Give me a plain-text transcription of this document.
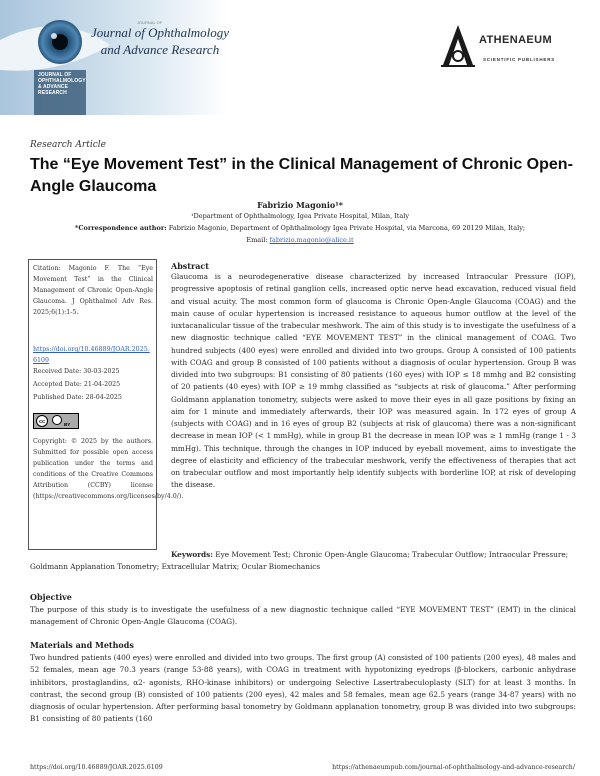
JOURNAL OF OPHTHALMOLOGY & ADVANCE RESEARCH
JOURNAL OF
Journal of Ophthalmology and Advance Research
ATHENAEUM
SCIENTIFIC PUBLISHERS
Research Article
The “Eye Movement Test” in the Clinical Management of Chronic Open-Angle Glaucoma
Fabrizio Magonio¹*
¹Department of Ophthalmology, Igea Private Hospital, Milan, Italy
*Correspondence author: Fabrizio Magonio, Department of Ophthalmology Igea Private Hospital, via Marcona, 69 20129 Milan, Italy;
Email: fabrizio.magonio@alice.it
Citation: Magonio F. The “Eye Movement Test” in the Clinical Management of Chronic Open-Angle Glaucoma. J Ophthalmol Adv Res. 2025;6(1):1-5.
https://doi.org/10.46889/JOAR.2025.6109
Received Date: 30-03-2025
Accepted Date: 21-04-2025
Published Date: 28-04-2025
cc	BY
Copyright: © 2025 by the authors. Submitted for possible open access publication under the terms and conditions of the Creative Commons Attribution (CCBY) license (https://creativecommons.org/licenses/by/4.0/).
Abstract
Glaucoma is a neurodegenerative disease characterized by increased Intraocular Pressure (IOP), progressive apoptosis of retinal ganglion cells, increased optic nerve head excavation, reduced visual field and visual acuity. The most common form of glaucoma is Chronic Open-Angle Glaucoma (COAG) and the main cause of ocular hypertension is increased resistance to aqueous humor outflow at the level of the iuxtacanalicular tissue of the trabecular meshwork. The aim of this study is to investigate the usefulness of a new diagnostic technique called “EYE MOVEMENT TEST” in the clinical management of COAG. Two hundred subjects (400 eyes) were enrolled and divided into two groups. Group A consisted of 100 patients with COAG and group B consisted of 100 patients without a diagnosis of ocular hypertension. Group B was divided into two subgroups: B1 consisting of 80 patients (160 eyes) with IOP ≤ 18 mmhg and B2 consisting of 20 patients (40 eyes) with IOP ≥ 19 mmhg classified as “subjects at risk of glaucoma.” After performing Goldmann applanation tonometry, subjects were asked to move their eyes in all gaze positions by fixing an aim for 1 minute and immediately afterwards, their IOP was measured again. In 172 eyes of group A (subjects with COAG) and in 16 eyes of group B2 (subjects at risk of glaucoma) there was a non-significant decrease in mean IOP (< 1 mmHg), while in group B1 the decrease in mean IOP was ≥ 1 mmHg (range 1 - 3 mmHg). This technique, through the changes in IOP induced by eyeball movement, aims to investigate the degree of elasticity and efficiency of the trabecular meshwork, verify the effectiveness of therapies that act on trabecular outflow and most importantly help identify subjects with borderline IOP, at risk of developing the disease.
Keywords: Eye Movement Test; Chronic Open-Angle Glaucoma; Trabecular Outflow; Intraocular Pressure; Goldmann Applanation Tonometry; Extracellular Matrix; Ocular Biomechanics
Objective
The purpose of this study is to investigate the usefulness of a new diagnostic technique called “EYE MOVEMENT TEST” (EMT) in the clinical management of Chronic Open-Angle Glaucoma (COAG).
Materials and Methods
Two hundred patients (400 eyes) were enrolled and divided into two groups. The first group (A) consisted of 100 patients (200 eyes), 48 males and 52 females, mean age 70.3 years (range 53-88 years), with COAG in treatment with hypotonizing eyedrops (β-blockers, carbonic anhydrase inhibitors, prostaglandins, α2- agonists, RHO-kinase inhibitors) or undergoing Selective Lasertrabeculoplasty (SLT) for at least 3 months. In contrast, the second group (B) consisted of 100 patients (200 eyes), 42 males and 58 females, mean age 62.5 years (range 34-87 years) with no diagnosis of ocular hypertension. After performing basal tonometry by Goldmann applanation tonometry, group B was divided into two subgroups: B1 consisting of 80 patients (160
https://doi.org/10.46889/JOAR.2025.6109	https://athenaeumpub.com/journal-of-ophthalmology-and-advance-research/
